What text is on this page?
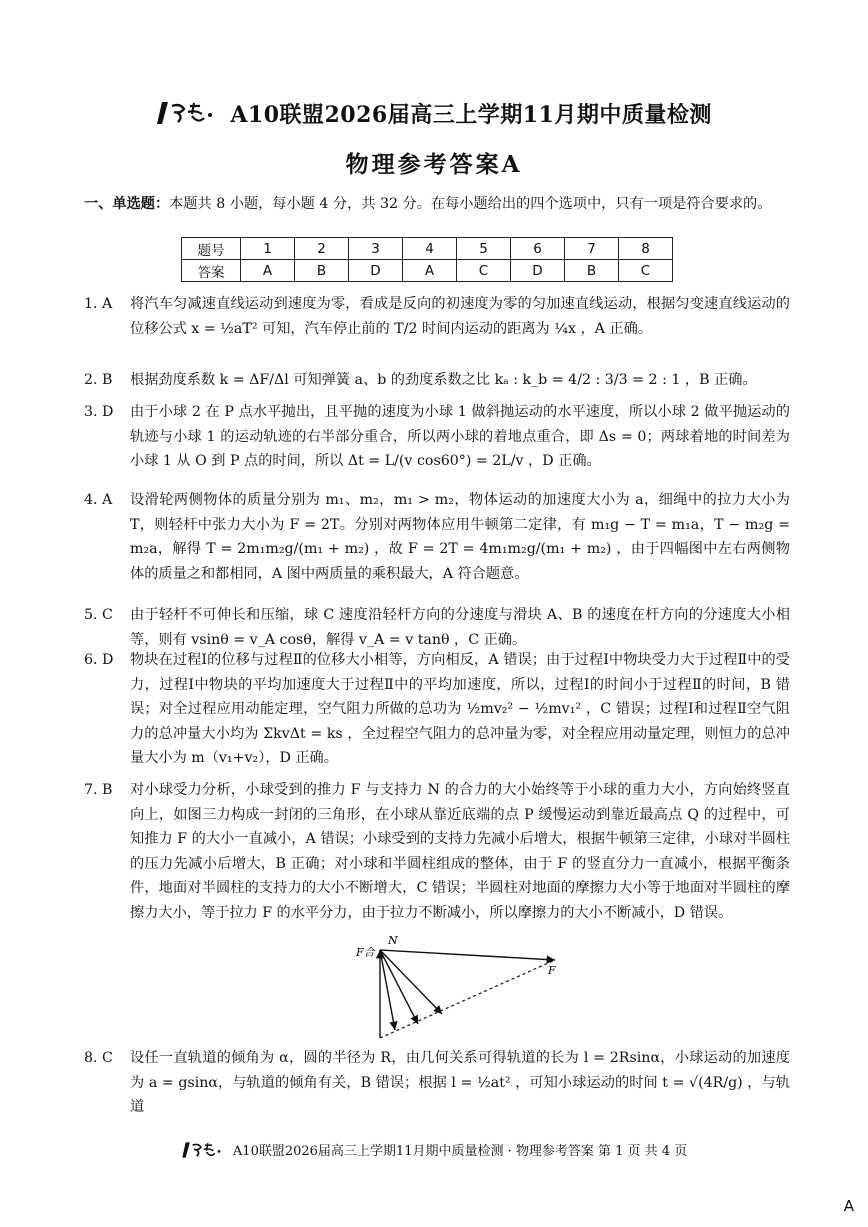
A10联盟2026届高三上学期11月期中质量检测
物理参考答案A
一、单选题：本题共 8 小题，每小题 4 分，共 32 分。在每小题给出的四个选项中，只有一项是符合要求的。
题号	1	2	3	4	5	6	7	8
答案	A	B	D	A	C	D	B	C
1. A	将汽车匀减速直线运动到速度为零，看成是反向的初速度为零的匀加速直线运动，根据匀变速直线运动的位移公式 x = ½aT² 可知，汽车停止前的 T/2 时间内运动的距离为 ¼x ，A 正确。
2. B	根据劲度系数 k = ΔF/Δl 可知弹簧 a、b 的劲度系数之比 kₐ : k_b = 4/2 : 3/3 = 2 : 1 ，B 正确。
3. D	由于小球 2 在 P 点水平抛出，且平抛的速度为小球 1 做斜抛运动的水平速度，所以小球 2 做平抛运动的轨迹与小球 1 的运动轨迹的右半部分重合，所以两小球的着地点重合，即 Δs = 0；两球着地的时间差为小球 1 从 O 到 P 点的时间，所以 Δt = L/(v cos60°) = 2L/v ，D 正确。
4. A	设滑轮两侧物体的质量分别为 m₁、m₂，m₁ > m₂，物体运动的加速度大小为 a，细绳中的拉力大小为 T，则轻杆中张力大小为 F = 2T。分别对两物体应用牛顿第二定律，有 m₁g − T = m₁a，T − m₂g = m₂a，解得 T = 2m₁m₂g/(m₁ + m₂) ，故 F = 2T = 4m₁m₂g/(m₁ + m₂) ，由于四幅图中左右两侧物体的质量之和都相同，A 图中两质量的乘积最大，A 符合题意。
5. C	由于轻杆不可伸长和压缩，球 C 速度沿轻杆方向的分速度与滑块 A、B 的速度在杆方向的分速度大小相等，则有 vsinθ = v_A cosθ，解得 v_A = v tanθ ，C 正确。
6. D	物块在过程Ⅰ的位移与过程Ⅱ的位移大小相等，方向相反，A 错误；由于过程Ⅰ中物块受力大于过程Ⅱ中的受力，过程Ⅰ中物块的平均加速度大于过程Ⅱ中的平均加速度，所以，过程Ⅰ的时间小于过程Ⅱ的时间，B 错误；对全过程应用动能定理，空气阻力所做的总功为 ½mv₂² − ½mv₁² ，C 错误；过程Ⅰ和过程Ⅱ空气阻力的总冲量大小均为 ΣkvΔt = ks ，全过程空气阻力的总冲量为零，对全程应用动量定理，则恒力的总冲量大小为 m（v₁+v₂），D 正确。
7. B	对小球受力分析，小球受到的推力 F 与支持力 N 的合力的大小始终等于小球的重力大小，方向始终竖直向上，如图三力构成一封闭的三角形，在小球从靠近底端的点 P 缓慢运动到靠近最高点 Q 的过程中，可知推力 F 的大小一直减小，A 错误；小球受到的支持力先减小后增大，根据牛顿第三定律，小球对半圆柱的压力先减小后增大，B 正确；对小球和半圆柱组成的整体，由于 F 的竖直分力一直减小，根据平衡条件，地面对半圆柱的支持力的大小不断增大，C 错误；半圆柱对地面的摩擦力大小等于地面对半圆柱的摩擦力大小，等于拉力 F 的水平分力，由于拉力不断减小，所以摩擦力的大小不断减小，D 错误。
F合
N
F
8. C	设任一直轨道的倾角为 α，圆的半径为 R，由几何关系可得轨道的长为 l = 2Rsinα，小球运动的加速度为 a = gsinα，与轨道的倾角有关，B 错误；根据 l = ½at² ，可知小球运动的时间 t = √(4R/g) ，与轨道
A10联盟2026届高三上学期11月期中质量检测 · 物理参考答案 第 1 页 共 4 页
A
